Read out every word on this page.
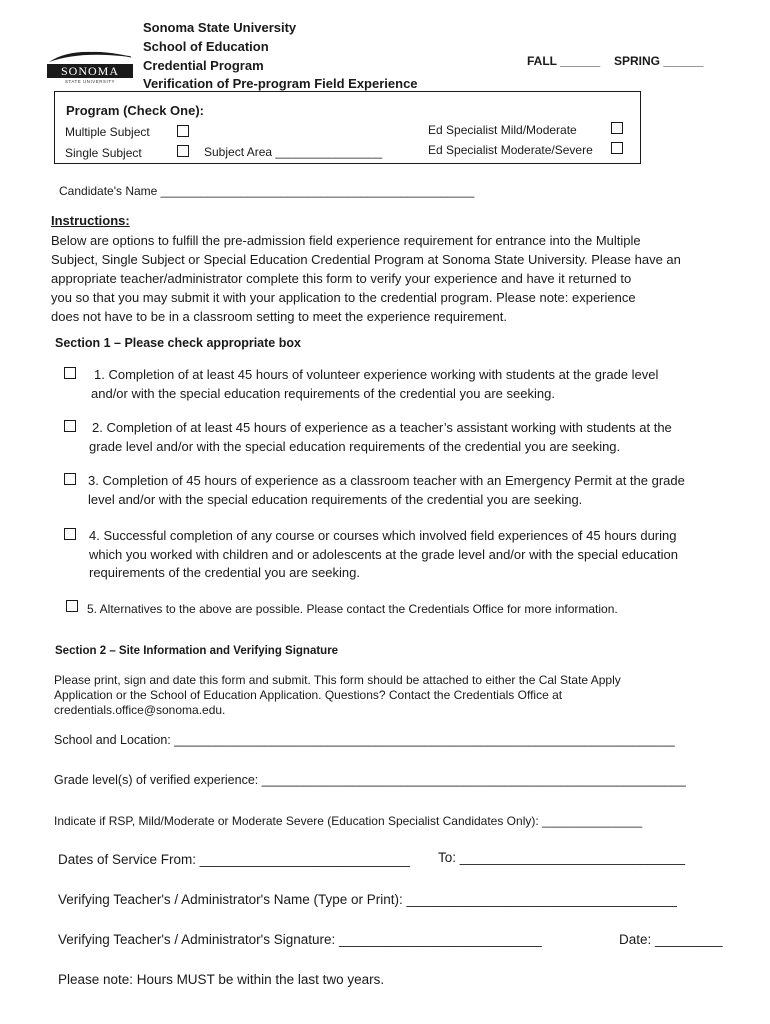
SONOMA
STATE UNIVERSITY
Sonoma State University
School of Education
Credential Program
Verification of Pre-program Field Experience
FALL ______ SPRING ______
Program (Check One):
Multiple Subject
Single Subject	Subject Area ________________
Ed Specialist Mild/Moderate
Ed Specialist Moderate/Severe
Candidate's Name _______________________________________________
Instructions:
Below are options to fulfill the pre-admission field experience requirement for entrance into the Multiple
Subject, Single Subject or Special Education Credential Program at Sonoma State University. Please have an
appropriate teacher/administrator complete this form to verify your experience and have it returned to
you so that you may submit it with your application to the credential program. Please note: experience
does not have to be in a classroom setting to meet the experience requirement.
Section 1 – Please check appropriate box
1. Completion of at least 45 hours of volunteer experience working with students at the grade level
and/or with the special education requirements of the credential you are seeking.
2. Completion of at least 45 hours of experience as a teacher’s assistant working with students at the
grade level and/or with the special education requirements of the credential you are seeking.
3. Completion of 45 hours of experience as a classroom teacher with an Emergency Permit at the grade
level and/or with the special education requirements of the credential you are seeking.
4. Successful completion of any course or courses which involved field experiences of 45 hours during
which you worked with children and or adolescents at the grade level and/or with the special education
requirements of the credential you are seeking.
5. Alternatives to the above are possible. Please contact the Credentials Office for more information.
Section 2 – Site Information and Verifying Signature
Please print, sign and date this form and submit. This form should be attached to either the Cal State Apply
Application or the School of Education Application. Questions? Contact the Credentials Office at
credentials.office@sonoma.edu.
School and Location: ________________________________________________________________________
Grade level(s) of verified experience: _____________________________________________________________
Indicate if RSP, Mild/Moderate or Moderate Severe (Education Specialist Candidates Only): _______________
Dates of Service From: ____________________________ To: ______________________________
Verifying Teacher's / Administrator's Name (Type or Print): ____________________________________
Verifying Teacher's / Administrator's Signature: ___________________________	Date: _________
Please note: Hours MUST be within the last two years.
